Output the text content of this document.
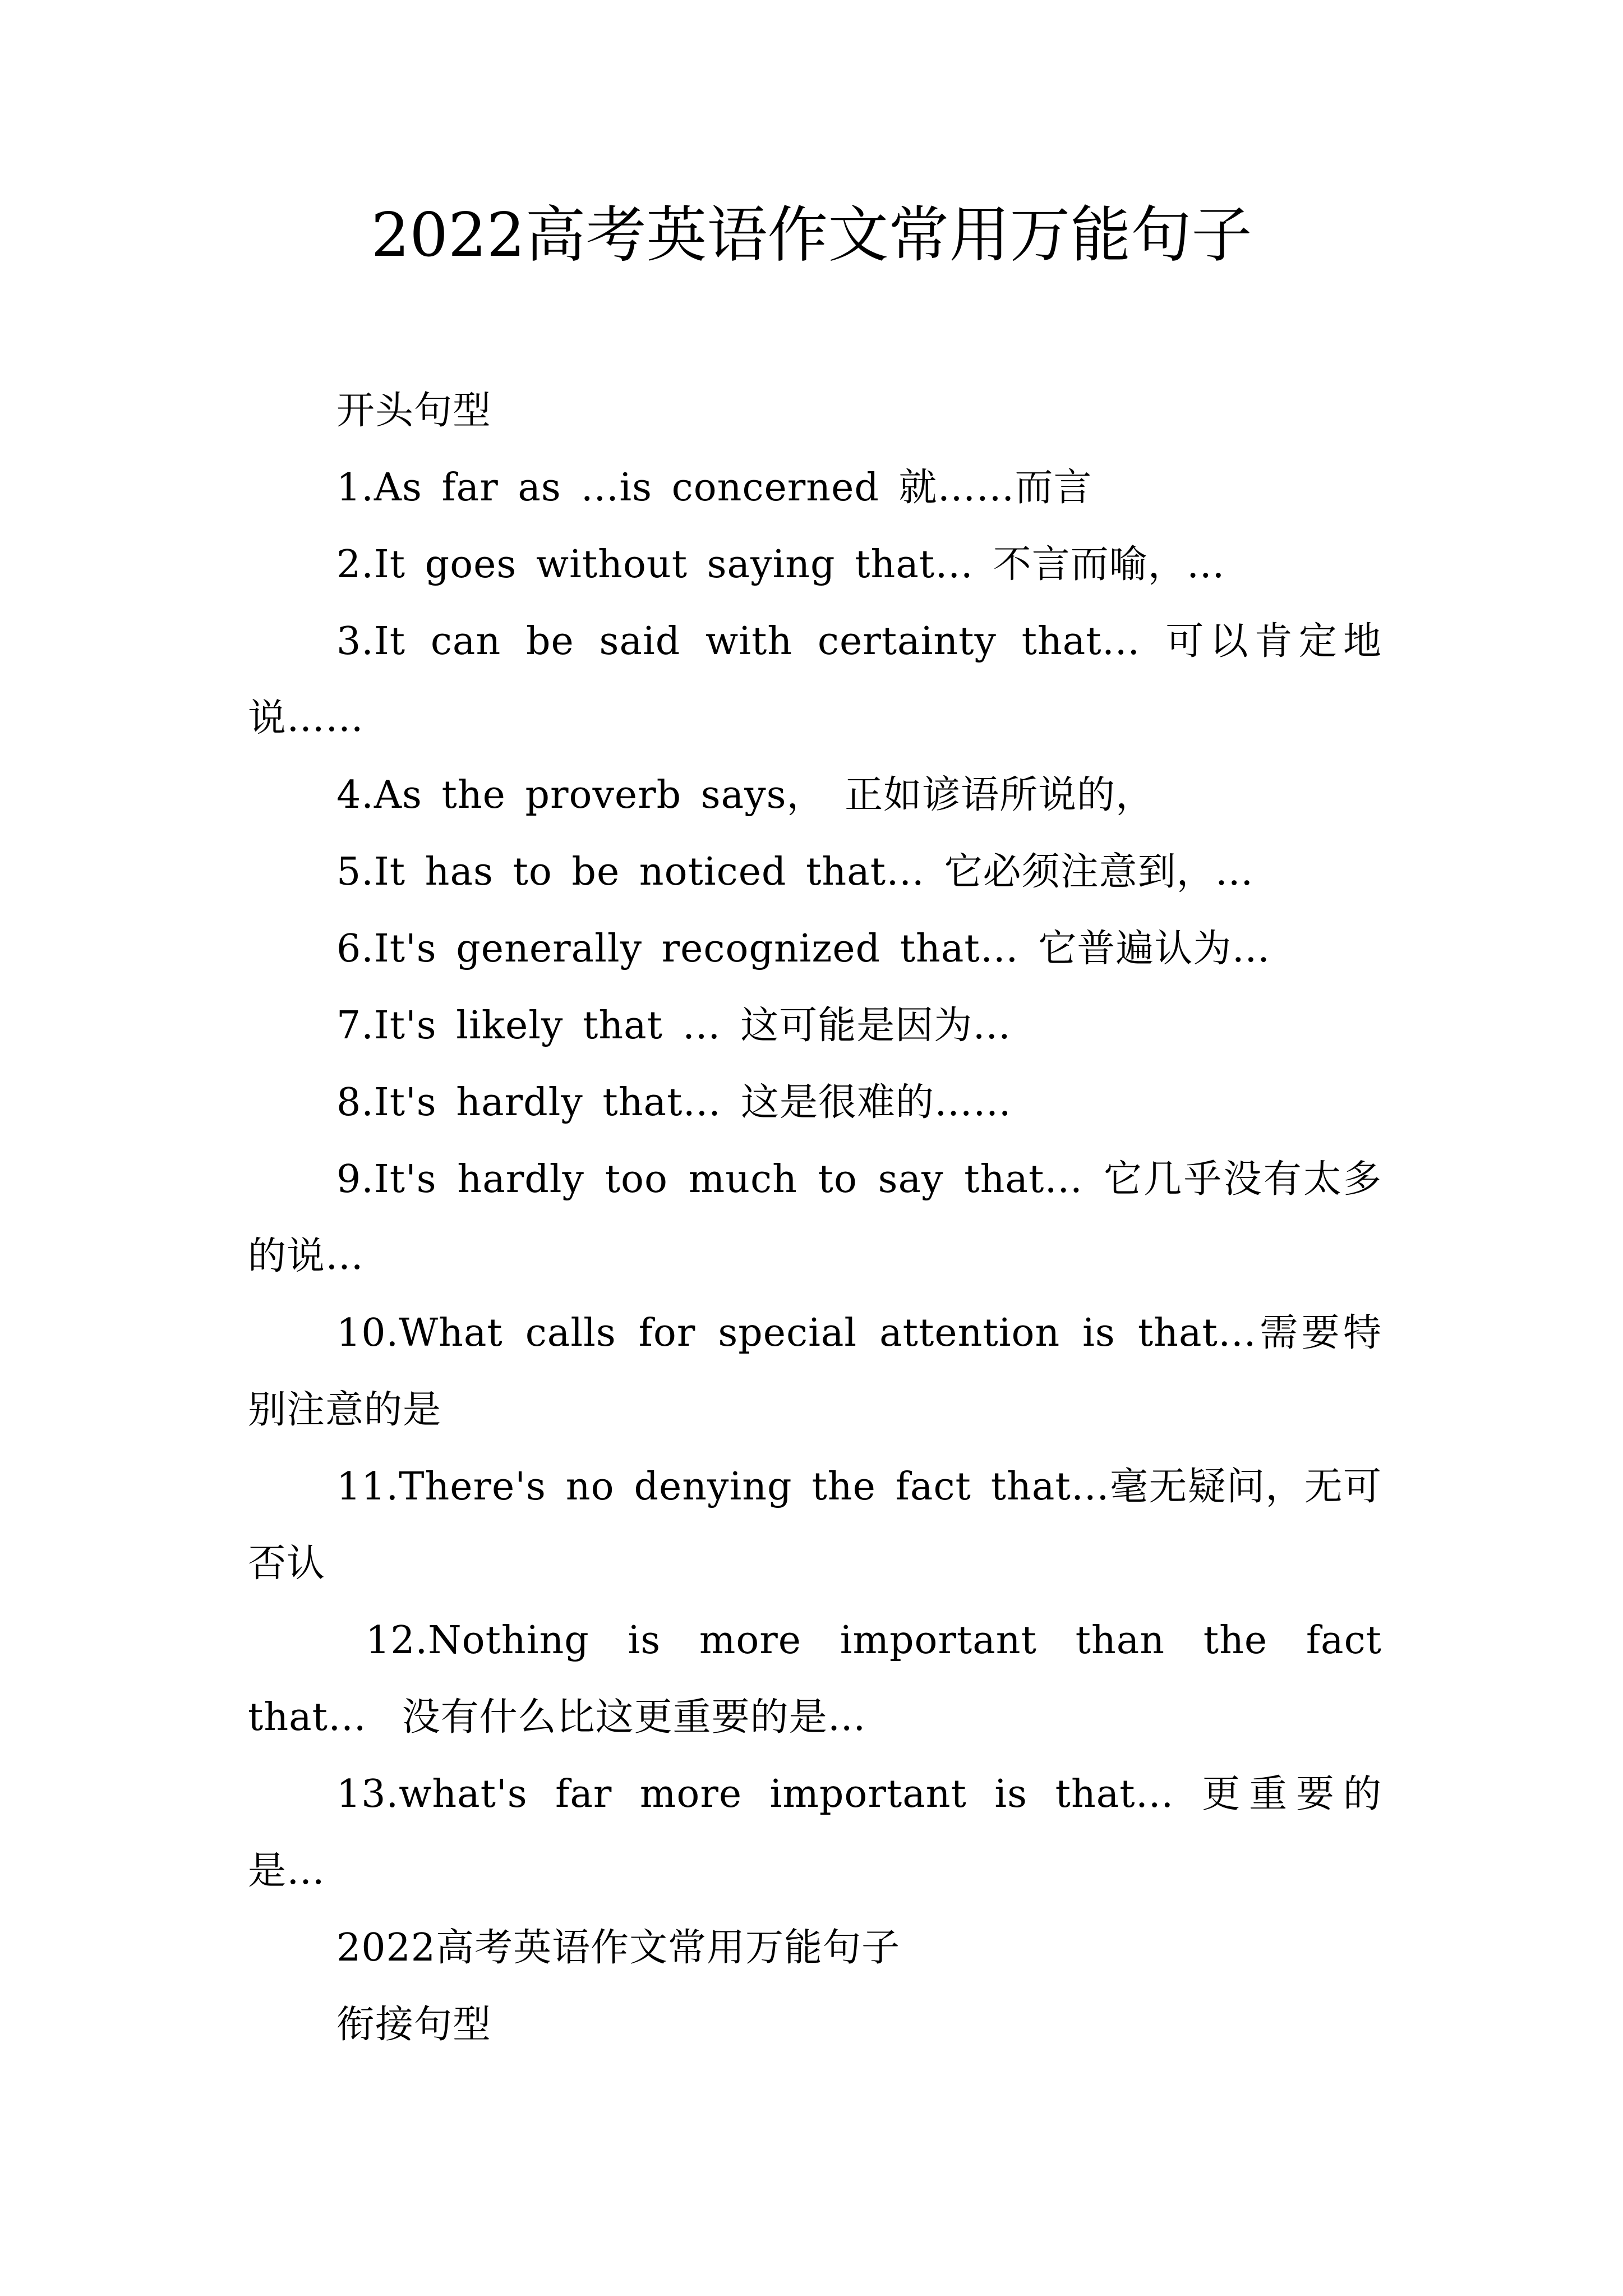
2022高考英语作文常用万能句子

开头句型

1.As far as …is concerned 就……而言

2.It goes without saying that… 不言而喻，…

3.It can be said with certainty that… 可以肯定地说……

4.As the proverb says， 正如谚语所说的，

5.It has to be noticed that… 它必须注意到，…

6.It's generally recognized that… 它普遍认为…

7.It's likely that … 这可能是因为…

8.It's hardly that… 这是很难的……

9.It's hardly too much to say that… 它几乎没有太多的说…

10.What calls for special attention is that…需要特别注意的是

11.There's no denying the fact that…毫无疑问，无可否认

12.Nothing is more important than the fact that… 没有什么比这更重要的是…

13.what's far more important is that… 更重要的是…

2022高考英语作文常用万能句子

衔接句型
